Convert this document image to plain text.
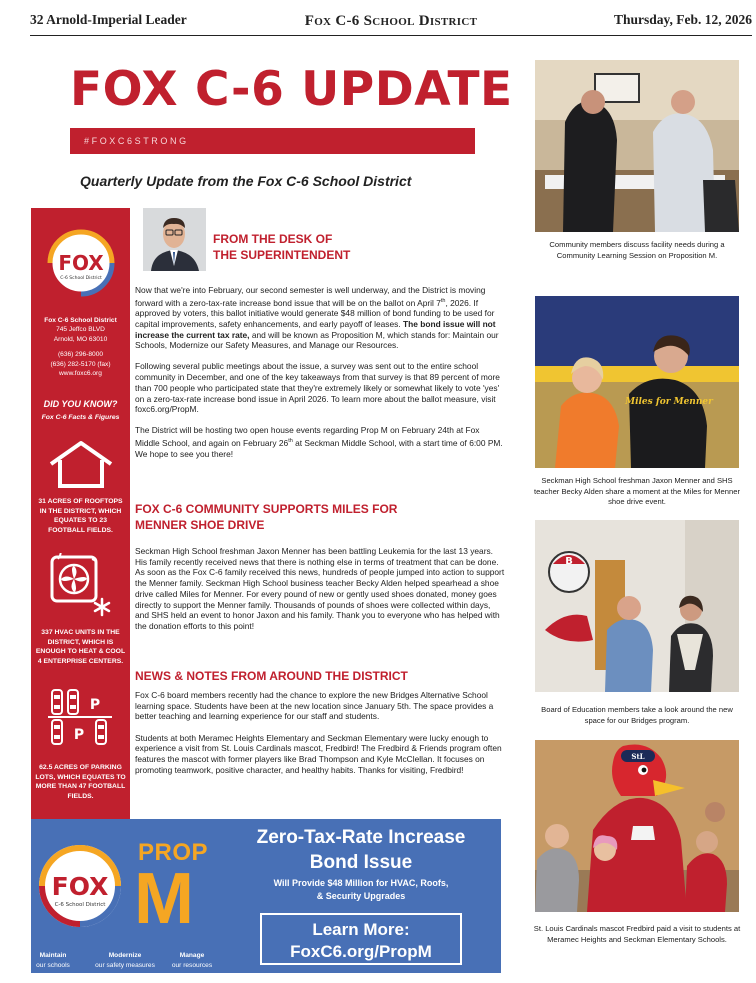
32 Arnold-Imperial Leader	Fox C-6 School District	Thursday, Feb. 12, 2026
FOX C-6 UPDATE
#FOXC6STRONG
Quarterly Update from the Fox C-6 School District
FOX
C-6 School District
Fox C-6 School District
745 Jeffco BLVD
Arnold, MO 63010
(636) 296-8000
(636) 282-5170 (fax)
www.foxc6.org
DID YOU KNOW?
Fox C-6 Facts & Figures
31 ACRES OF ROOFTOPS IN THE DISTRICT, WHICH EQUATES TO 23 FOOTBALL FIELDS.
337 HVAC UNITS IN THE DISTRICT, WHICH IS ENOUGH TO HEAT & COOL 4 ENTERPRISE CENTERS.
P
P
62.5 ACRES OF PARKING LOTS, WHICH EQUATES TO MORE THAN 47 FOOTBALL FIELDS.
FROM THE DESK OF
THE SUPERINTENDENT

Now that we're into February, our second semester is well underway, and the District is moving forward with a zero-tax-rate increase bond issue that will be on the ballot on April 7th, 2026. If approved by voters, this ballot initiative would generate $48 million of bond funding to be used for capital improvements, safety enhancements, and early payoff of leases. The bond issue will not increase the current tax rate, and will be known as Proposition M, which stands for: Maintain our Schools, Modernize our Safety Measures, and Manage our Resources.

Following several public meetings about the issue, a survey was sent out to the entire school community in December, and one of the key takeaways from that survey is that 89 percent of more than 700 people who participated state that they're extremely likely or somewhat likely to vote 'yes' on a zero-tax-rate increase bond issue in April 2026. To learn more about the ballot measure, visit foxc6.org/PropM.

The District will be hosting two open house events regarding Prop M on February 24th at Fox Middle School, and again on February 26th at Seckman Middle School, with a start time of 6:00 PM. We hope to see you there!

FOX C-6 COMMUNITY SUPPORTS MILES FOR
MENNER SHOE DRIVE

Seckman High School freshman Jaxon Menner has been battling Leukemia for the last 13 years. His family recently received news that there is nothing else in terms of treatment that can be done. As soon as the Fox C-6 family received this news, hundreds of people jumped into action to support the Menner family. Seckman High School business teacher Becky Alden helped spearhead a shoe drive called Miles for Menner. For every pound of new or gently used shoes donated, money goes directly to support the Menner family. Thousands of pounds of shoes were collected within days, and SHS held an event to honor Jaxon and his family. Thank you to everyone who has helped with the donation efforts to this point!

NEWS & NOTES FROM AROUND THE DISTRICT

Fox C-6 board members recently had the chance to explore the new Bridges Alternative School learning space. Students have been at the new location since January 5th. The space provides a better teaching and learning experience for our staff and students.

Students at both Meramec Heights Elementary and Seckman Elementary were lucky enough to experience a visit from St. Louis Cardinals mascot, Fredbird! The Fredbird & Friends program often features the mascot with former players like Brad Thompson and Kyle McClellan. It focuses on promoting teamwork, positive character, and healthy habits. Thanks for visiting, Fredbird!

Community members discuss facility needs during a Community Learning Session on Proposition M.
Miles for Menner
Seckman High School freshman Jaxon Menner and SHS teacher Becky Alden share a moment at the Miles for Menner shoe drive event.
B
Board of Education members take a look around the new space for our Bridges program.
StL
St. Louis Cardinals mascot Fredbird paid a visit to students at Meramec Heights and Seckman Elementary Schools.
FOX
C-6 School District
Maintain
our schools
Modernize
our safety measures
Manage
our resources
PROP
M
Zero-Tax-Rate Increase
Bond Issue
Will Provide $48 Million for HVAC, Roofs,
& Security Upgrades
Learn More:
FoxC6.org/PropM
